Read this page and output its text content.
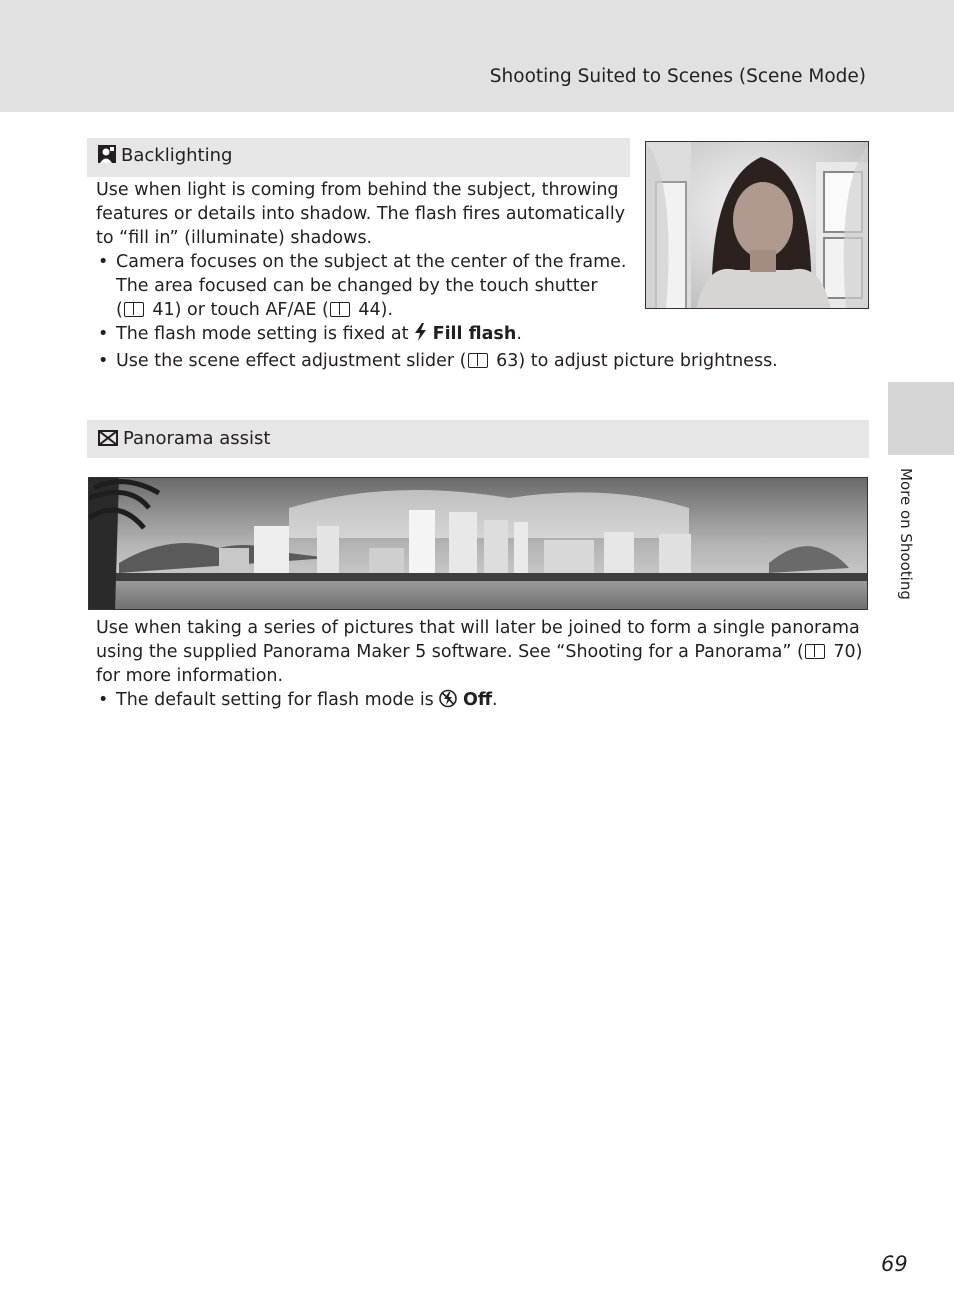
Shooting Suited to Scenes (Scene Mode)
More on Shooting
Backlighting

Use when light is coming from behind the subject, throwing features or details into shadow. The flash fires automatically to “fill in” (illuminate) shadows.

• Camera focuses on the subject at the center of the frame.
The area focused can be changed by the touch shutter
( 41) or touch AF/AE ( 44).
• The flash mode setting is fixed at  Fill flash.
• Use the scene effect adjustment slider ( 63) to adjust picture brightness.
Panorama assist

Use when taking a series of pictures that will later be joined to form a single panorama using the supplied Panorama Maker 5 software. See “Shooting for a Panorama” ( 70) for more information.

• The default setting for flash mode is  Off.
69
